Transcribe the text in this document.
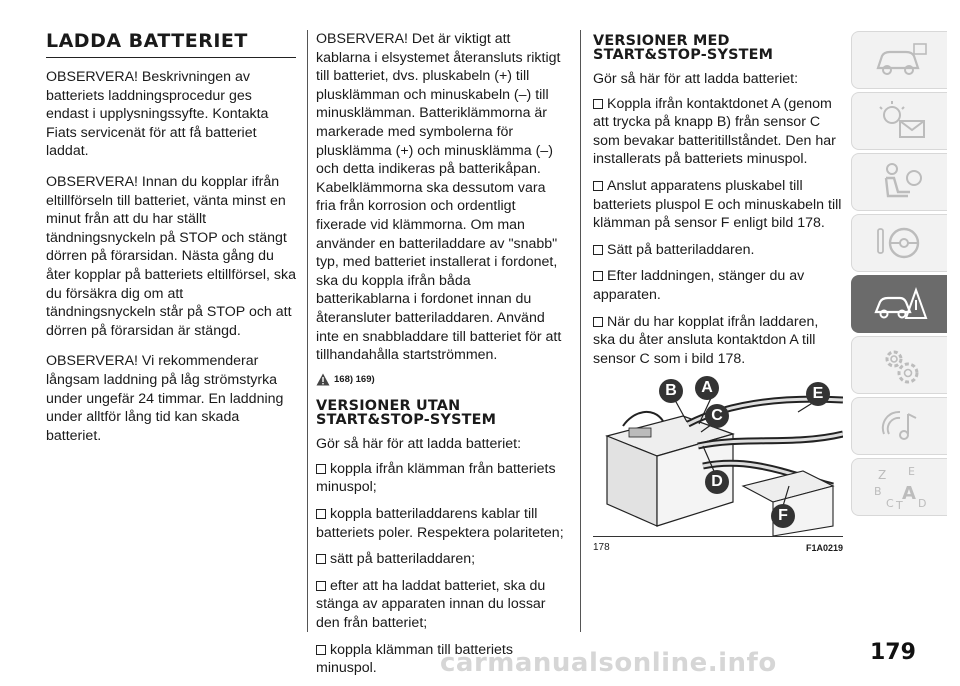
LADDA BATTERIET

OBSERVERA! Beskrivningen av batteriets laddningsprocedur ges endast i upplysningssyfte. Kontakta Fiats servicenät för att få batteriet laddat.

OBSERVERA! Innan du kopplar ifrån eltillförseln till batteriet, vänta minst en minut från att du har ställt tändningsnyckeln på STOP och stängt dörren på förarsidan. Nästa gång du åter kopplar på batteriets eltillförsel, ska du försäkra dig om att tändningsnyckeln står på STOP och att dörren på förarsidan är stängd.

OBSERVERA! Vi rekommenderar långsam laddning på låg strömstyrka under ungefär 24 timmar. En laddning under alltför lång tid kan skada batteriet.

OBSERVERA! Det är viktigt att kablarna i elsystemet återansluts riktigt till batteriet, dvs. pluskabeln (+) till plusklämman och minuskabeln (–) till minusklämman. Batteriklämmorna är markerade med symbolerna för plusklämma (+) och minusklämma (–) och detta indikeras på batterikåpan. Kabelklämmorna ska dessutom vara fria från korrosion och ordentligt fixerade vid klämmorna. Om man använder en batteriladdare av "snabb" typ, med batteriet installerat i fordonet, ska du koppla ifrån båda batterikablarna i fordonet innan du återansluter batteriladdaren. Använd inte en snabbladdare till batteriet för att tillhandahålla startströmmen.

168) 169)
VERSIONER UTAN START&STOP-SYSTEM

Gör så här för att ladda batteriet:

koppla ifrån klämman från batteriets minuspol;
koppla batteriladdarens kablar till batteriets poler. Respektera polariteten;
sätt på batteriladdaren;
efter att ha laddat batteriet, ska du stänga av apparaten innan du lossar den från batteriet;
koppla klämman till batteriets minuspol.
VERSIONER MED START&STOP-SYSTEM

Gör så här för att ladda batteriet:

Koppla ifrån kontaktdonet A (genom att trycka på knapp B) från sensor C som bevakar batteritillståndet. Den har installerats på batteriets minuspol.
Anslut apparatens pluskabel till batteriets pluspol E och minuskabeln till klämman på sensor F enligt bild 178.
Sätt på batteriladdaren.
Efter laddningen, stänger du av apparaten.
När du har kopplat ifrån laddaren, ska du åter ansluta kontaktdon A till sensor C som i bild 178.
B	A
C
D
E
F
178	F1A0219
Z E
B A
C T D
carmanualsonline.info	179
